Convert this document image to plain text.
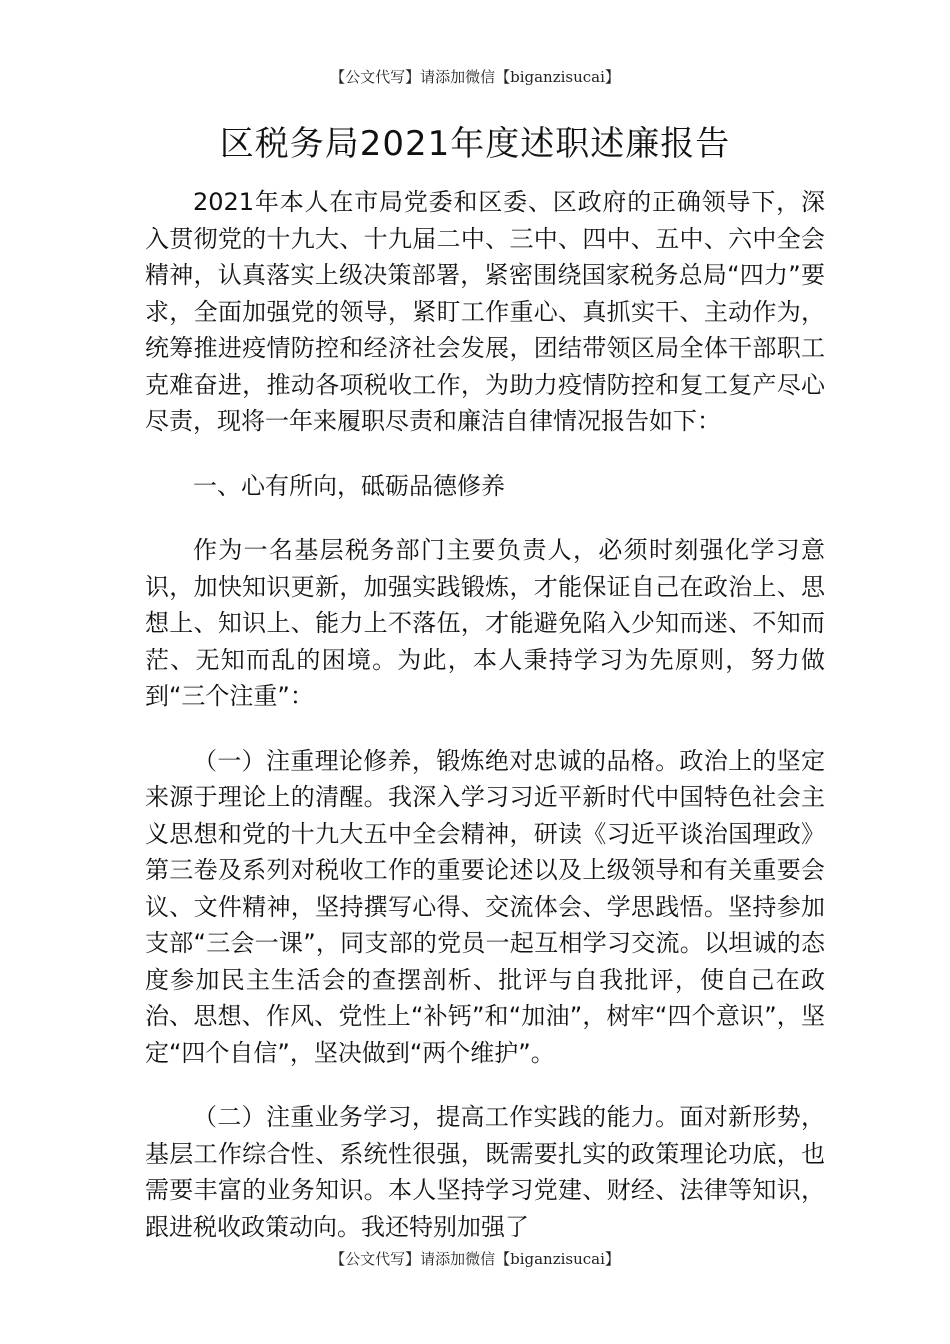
【公文代写】请添加微信【biganzisucai】
区税务局2021年度述职述廉报告

2021年本人在市局党委和区委、区政府的正确领导下，深入贯彻党的十九大、十九届二中、三中、四中、五中、六中全会精神，认真落实上级决策部署，紧密围绕国家税务总局“四力”要求，全面加强党的领导，紧盯工作重心、真抓实干、主动作为，统筹推进疫情防控和经济社会发展，团结带领区局全体干部职工克难奋进，推动各项税收工作，为助力疫情防控和复工复产尽心尽责，现将一年来履职尽责和廉洁自律情况报告如下：

一、心有所向，砥砺品德修养

作为一名基层税务部门主要负责人，必须时刻强化学习意识，加快知识更新，加强实践锻炼，才能保证自己在政治上、思想上、知识上、能力上不落伍，才能避免陷入少知而迷、不知而茫、无知而乱的困境。为此，本人秉持学习为先原则，努力做到“三个注重”：

（一）注重理论修养，锻炼绝对忠诚的品格。政治上的坚定来源于理论上的清醒。我深入学习习近平新时代中国特色社会主义思想和党的十九大五中全会精神，研读《习近平谈治国理政》第三卷及系列对税收工作的重要论述以及上级领导和有关重要会议、文件精神，坚持撰写心得、交流体会、学思践悟。坚持参加支部“三会一课”，同支部的党员一起互相学习交流。以坦诚的态度参加民主生活会的查摆剖析、批评与自我批评，使自己在政治、思想、作风、党性上“补钙”和“加油”，树牢“四个意识”，坚定“四个自信”，坚决做到“两个维护”。

（二）注重业务学习，提高工作实践的能力。面对新形势，基层工作综合性、系统性很强，既需要扎实的政策理论功底，也需要丰富的业务知识。本人坚持学习党建、财经、法律等知识，跟进税收政策动向。我还特别加强了

【公文代写】请添加微信【biganzisucai】
